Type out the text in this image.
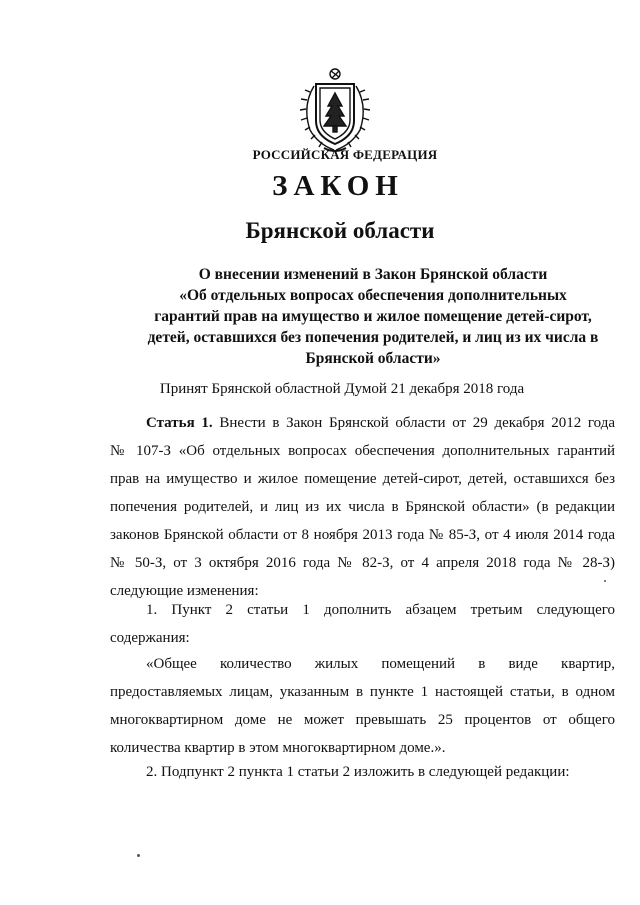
РОССИЙСКАЯ ФЕДЕРАЦИЯ
ЗАКОН
Брянской области
О внесении изменений в Закон Брянской области
«Об отдельных вопросах обеспечения дополнительных
гарантий прав на имущество и жилое помещение детей-сирот,
детей, оставшихся без попечения родителей, и лиц из их числа в
Брянской области»
Принят Брянской областной Думой 21 декабря 2018 года
Статья 1. Внести в Закон Брянской области от 29 декабря 2012 года
№ 107-З «Об отдельных вопросах обеспечения дополнительных гарантий
прав на имущество и жилое помещение детей-сирот, детей, оставшихся без
попечения родителей, и лиц из их числа в Брянской области» (в редакции
законов Брянской области от 8 ноября 2013 года № 85-З, от 4 июля 2014 года
№ 50-З, от 3 октября 2016 года № 82-З, от 4 апреля 2018 года № 28-З)
следующие изменения:
1. Пункт 2 статьи 1 дополнить абзацем третьим следующего
содержания:
«Общее количество жилых помещений в виде квартир,
предоставляемых лицам, указанным в пункте 1 настоящей статьи, в одном
многоквартирном доме не может превышать 25 процентов от общего
количества квартир в этом многоквартирном доме.».
2. Подпункт 2 пункта 1 статьи 2 изложить в следующей редакции:
